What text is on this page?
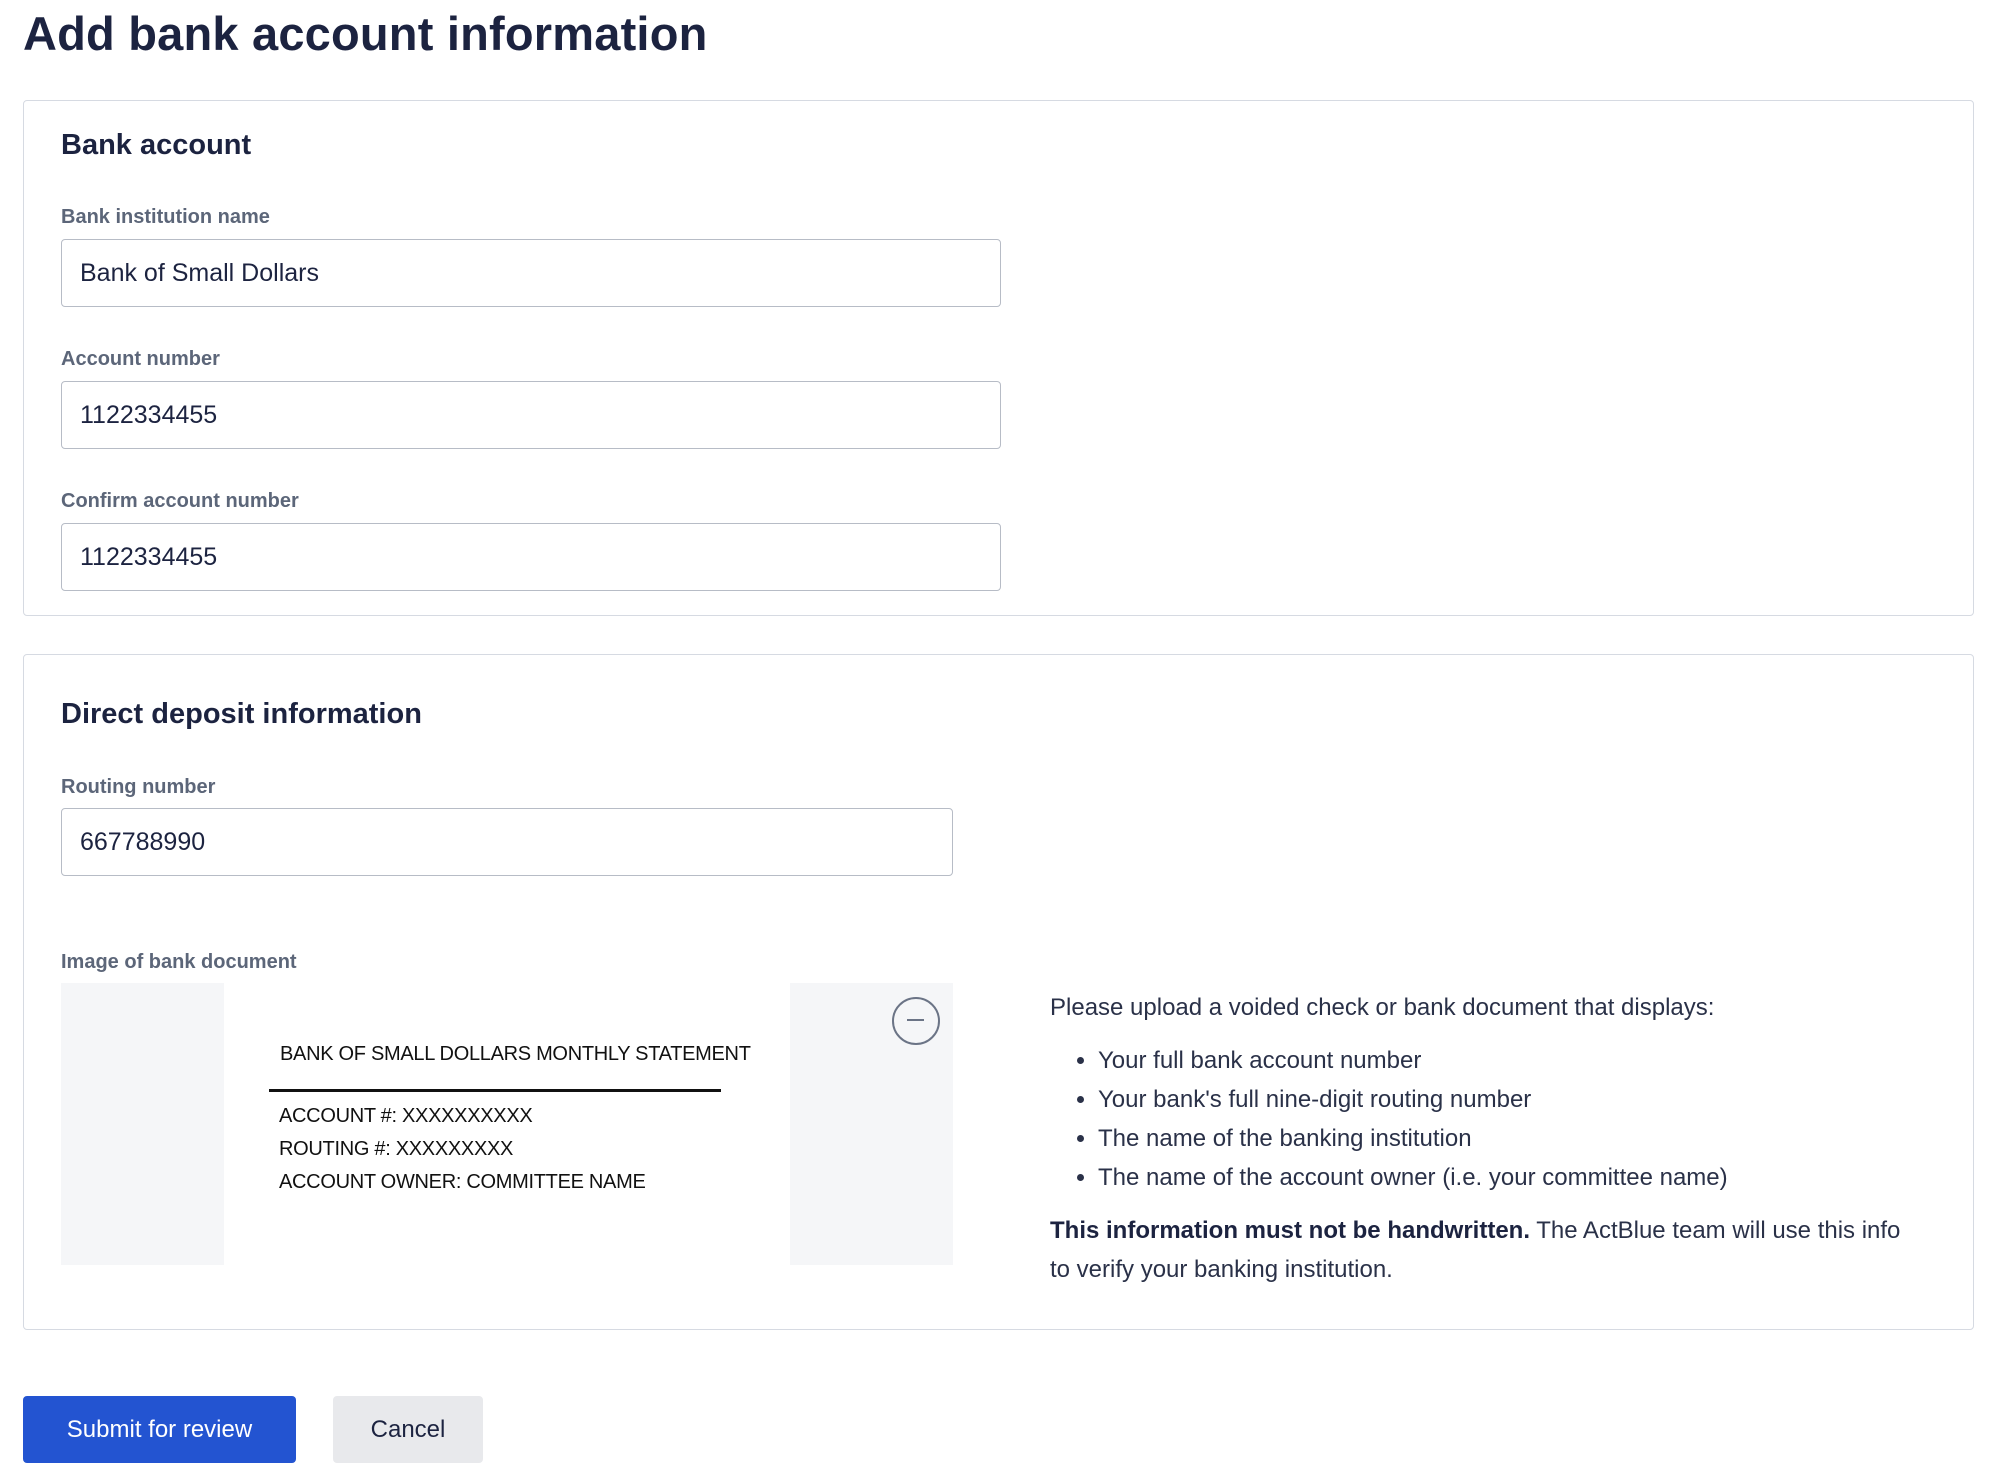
Add bank account information
Bank account
Bank institution name
Bank of Small Dollars
Account number
1122334455
Confirm account number
1122334455
Direct deposit information
Routing number
667788990
Image of bank document
BANK OF SMALL DOLLARS MONTHLY STATEMENT
ACCOUNT #: XXXXXXXXXX
ROUTING #: XXXXXXXXX
ACCOUNT OWNER: COMMITTEE NAME

Please upload a voided check or bank document that displays:

• Your full bank account number
• Your bank's full nine-digit routing number
• The name of the banking institution
• The name of the account owner (i.e. your committee name)

This information must not be handwritten. The ActBlue team will use this info to verify your banking institution.

Submit for review	Cancel
